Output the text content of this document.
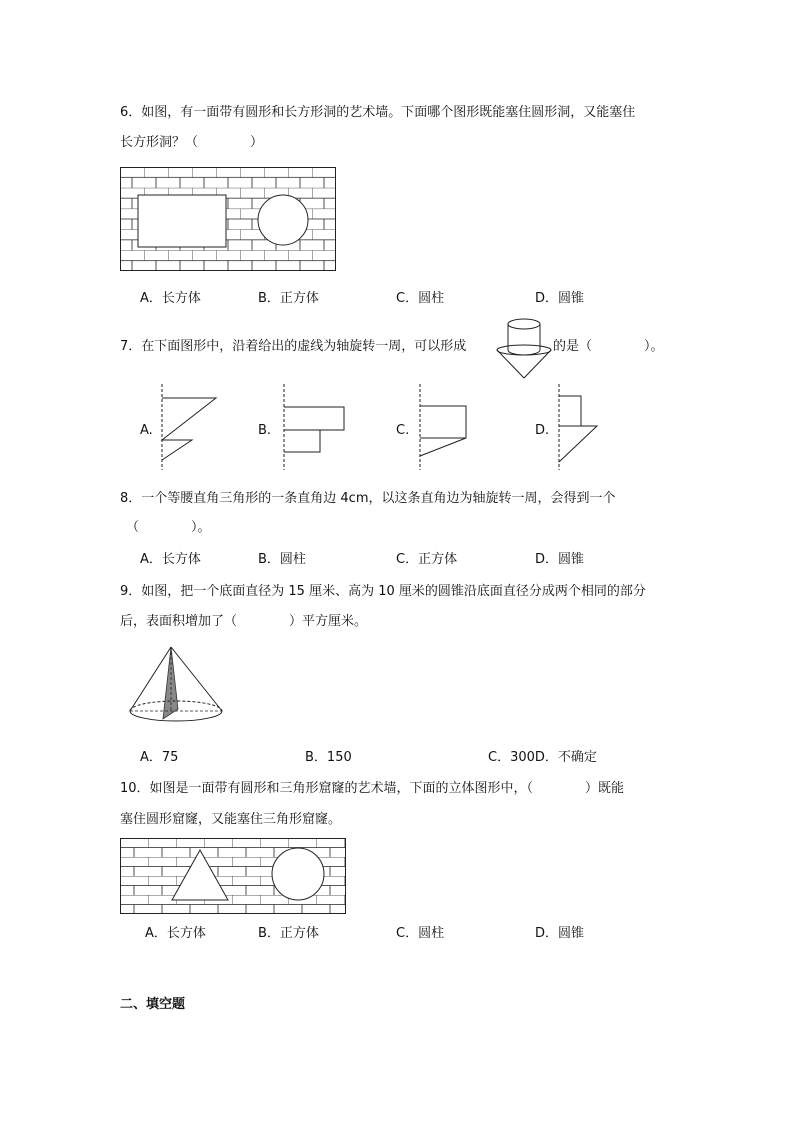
6．如图，有一面带有圆形和长方形洞的艺术墙。下面哪个图形既能塞住圆形洞，又能塞住
长方形洞？（　　　　）
A．长方体	B．正方体	C．圆柱	D．圆锥
7．在下面图形中，沿着给出的虚线为轴旋转一周，可以形成	的是（　　　　）。
A.	B.	C.	D.
8．一个等腰直角三角形的一条直角边 4cm，以这条直角边为轴旋转一周，会得到一个
（　　　　）。
A．长方体	B．圆柱	C．正方体	D．圆锥
9．如图，把一个底面直径为 15 厘米、高为 10 厘米的圆锥沿底面直径分成两个相同的部分
后，表面积增加了（　　　　）平方厘米。
A．75	B．150	C．300D．不确定
10．如图是一面带有圆形和三角形窟窿的艺术墙，下面的立体图形中，（　　　　）既能
塞住圆形窟窿，又能塞住三角形窟窿。
A．长方体	B．正方体	C．圆柱	D．圆锥
二、填空题
